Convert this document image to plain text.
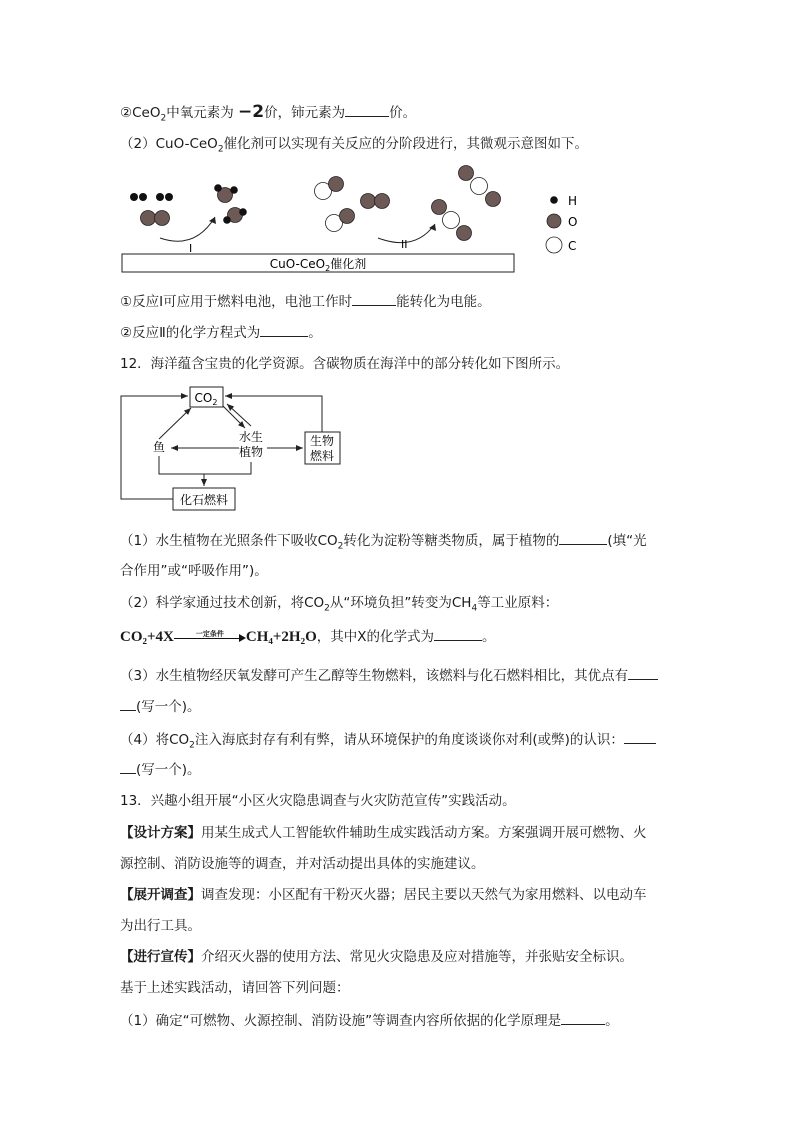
②CeO$_2$中氧元素为 −2价，铈元素为	价。
（2）CuO-CeO$_2$催化剂可以实现有关反应的分阶段进行，其微观示意图如下。
CuO-CeO$_2$催化剂
I	II
H
O
C
①反应I可应用于燃料电池，电池工作时	能转化为电能。
②反应Ⅱ的化学方程式为	。
12．海洋蕴含宝贵的化学资源。含碳物质在海洋中的部分转化如下图所示。
$CO_2$
生物
燃料
化石燃料
鱼
水生
植物
（1）水生植物在光照条件下吸收$CO_2$转化为淀粉等糖类物质，属于植物的	(填“光
合作用”或“呼吸作用”)。
（2）科学家通过技术创新，将$CO_2$从“环境负担”转变为$CH_4$等工业原料：
CO₂+4X	一定条件	CH₄+2H₂O，其中X的化学式为	。
（3）水生植物经厌氧发酵可产生乙醇等生物燃料，该燃料与化石燃料相比，其优点有
(写一个)。
（4）将$CO_2$注入海底封存有利有弊，请从环境保护的角度谈谈你对利(或弊)的认识：
(写一个)。
13．兴趣小组开展“小区火灾隐患调查与火灾防范宣传”实践活动。
【设计方案】用某生成式人工智能软件辅助生成实践活动方案。方案强调开展可燃物、火
源控制、消防设施等的调查，并对活动提出具体的实施建议。
【展开调查】调查发现：小区配有干粉灭火器；居民主要以天然气为家用燃料、以电动车
为出行工具。
【进行宣传】介绍灭火器的使用方法、常见火灾隐患及应对措施等，并张贴安全标识。
基于上述实践活动，请回答下列问题：
（1）确定“可燃物、火源控制、消防设施”等调查内容所依据的化学原理是	。
